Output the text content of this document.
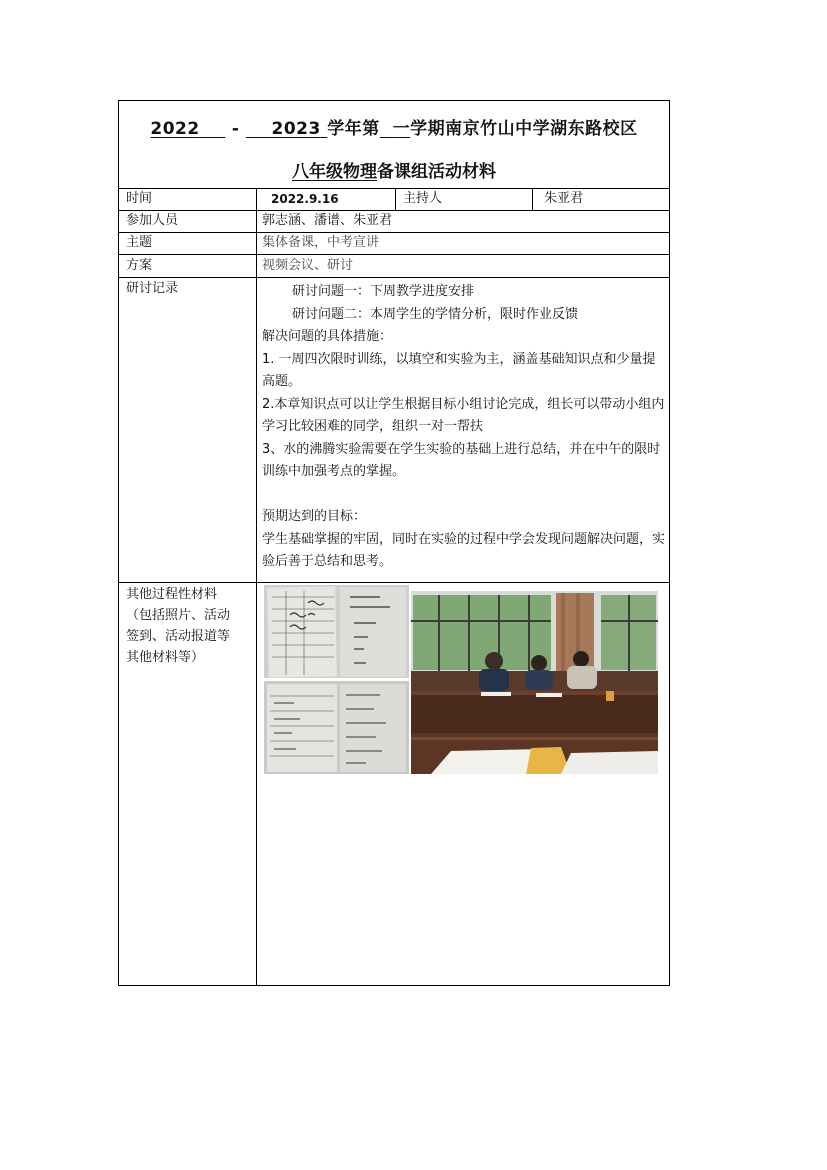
2022 - 2023 学年第 一学期南京竹山中学湖东路校区
八年级物理备课组活动材料
时间	2022.9.16	主持人	朱亚君
参加人员	郭志涵、潘谱、朱亚君
主题	集体备课，中考宣讲
方案	视频会议、研讨
研讨记录	研讨问题一：下周教学进度安排

研讨问题二：本周学生的学情分析，限时作业反馈

解决问题的具体措施：

1. 一周四次限时训练，以填空和实验为主，涵盖基础知识点和少量提高题。

2.本章知识点可以让学生根据目标小组讨论完成，组长可以带动小组内学习比较困难的同学，组织一对一帮扶

3、水的沸腾实验需要在学生实验的基础上进行总结，并在中午的限时训练中加强考点的掌握。

预期达到的目标：

学生基础掌握的牢固，同时在实验的过程中学会发现问题解决问题，实验后善于总结和思考。

其他过程性材料
（包括照片、活动
签到、活动报道等
其他材料等）
